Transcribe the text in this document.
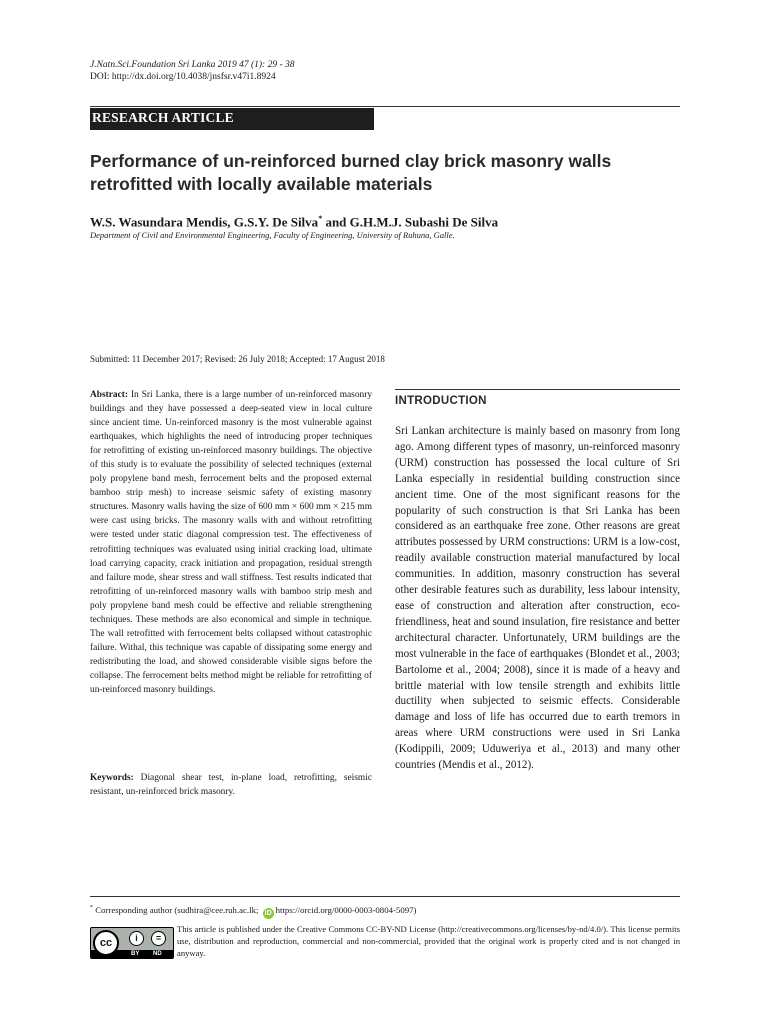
J.Natn.Sci.Foundation Sri Lanka 2019 47 (1): 29 - 38
DOI: http://dx.doi.org/10.4038/jnsfsr.v47i1.8924
RESEARCH ARTICLE
Performance of un-reinforced burned clay brick masonry walls retrofitted with locally available materials
W.S. Wasundara Mendis, G.S.Y. De Silva* and G.H.M.J. Subashi De Silva
Department of Civil and Environmental Engineering, Faculty of Engineering, University of Ruhuna, Galle.
Submitted: 11 December 2017; Revised: 26 July 2018; Accepted: 17 August 2018
Abstract: In Sri Lanka, there is a large number of un-reinforced masonry buildings and they have possessed a deep-seated view in local culture since ancient time. Un-reinforced masonry is the most vulnerable against earthquakes, which highlights the need of introducing proper techniques for retrofitting of existing un-reinforced masonry buildings. The objective of this study is to evaluate the possibility of selected techniques (external poly propylene band mesh, ferrocement belts and the proposed external bamboo strip mesh) to increase seismic safety of existing masonry structures. Masonry walls having the size of 600 mm × 600 mm × 215 mm were cast using bricks. The masonry walls with and without retrofitting were tested under static diagonal compression test. The effectiveness of retrofitting techniques was evaluated using initial cracking load, ultimate load carrying capacity, crack initiation and propagation, residual strength and failure mode, shear stress and wall stiffness. Test results indicated that retrofitting of un-reinforced masonry walls with bamboo strip mesh and poly propylene band mesh could be effective and reliable strengthening techniques. These methods are also economical and simple in technique. The wall retrofitted with ferrocement belts collapsed without catastrophic failure. Withal, this technique was capable of dissipating some energy and redistributing the load, and showed considerable visible signs before the collapse. The ferrocement belts method might be reliable for retrofitting of un-reinforced masonry buildings.
Keywords: Diagonal shear test, in-plane load, retrofitting, seismic resistant, un-reinforced brick masonry.
INTRODUCTION
Sri Lankan architecture is mainly based on masonry from long ago. Among different types of masonry, un-reinforced masonry (URM) construction has possessed the local culture of Sri Lanka especially in residential building construction since ancient time. One of the most significant reasons for the popularity of such construction is that Sri Lanka has been considered as an earthquake free zone. Other reasons are great attributes possessed by URM constructions: URM is a low-cost, readily available construction material manufactured by local communities. In addition, masonry construction has several other desirable features such as durability, less labour intensity, ease of construction and alteration after construction, eco-friendliness, heat and sound insulation, fire resistance and better architectural character. Unfortunately, URM buildings are the most vulnerable in the face of earthquakes (Blondet et al., 2003; Bartolome et al., 2004; 2008), since it is made of a heavy and brittle material with low tensile strength and exhibits little ductility when subjected to seismic effects. Considerable damage and loss of life has occurred due to earth tremors in areas where URM constructions were used in Sri Lanka (Kodippili, 2009; Uduweriya et al., 2013) and many other countries (Mendis et al., 2012).
* Corresponding author (sudhira@cee.ruh.ac.lk; iD https://orcid.org/0000-0003-0804-5097)
cc	i	=
BY ND
This article is published under the Creative Commons CC-BY-ND License (http://creativecommons.org/licenses/by-nd/4.0/). This license permits use, distribution and reproduction, commercial and non-commercial, provided that the original work is properly cited and is not changed in anyway.
